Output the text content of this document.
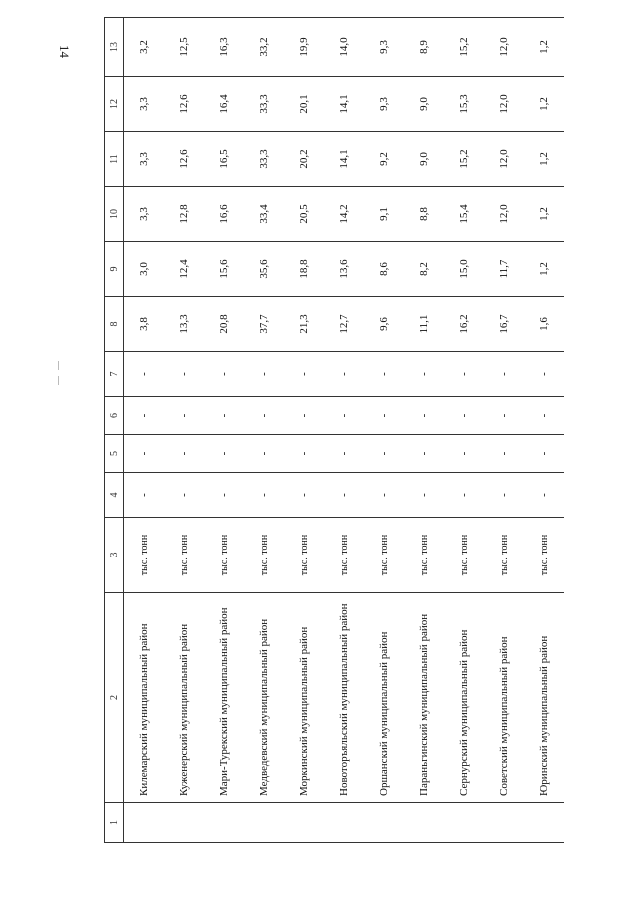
14
1	2	3	4	5	6	7	8	9	10	11	12	13
	Килемарский муниципальный район	тыс. тонн	-	-	-	-	3,8	3,0	3,3	3,3	3,3	3,2
	Куженерский муниципальный район	тыс. тонн	-	-	-	-	13,3	12,4	12,8	12,6	12,6	12,5
	Мари-Турекский муниципальный район	тыс. тонн	-	-	-	-	20,8	15,6	16,6	16,5	16,4	16,3
	Медведевский муниципальный район	тыс. тонн	-	-	-	-	37,7	35,6	33,4	33,3	33,3	33,2
	Моркинский муниципальный район	тыс. тонн	-	-	-	-	21,3	18,8	20,5	20,2	20,1	19,9
	Новоторъяльский муниципальный район	тыс. тонн	-	-	-	-	12,7	13,6	14,2	14,1	14,1	14,0
	Оршанский муниципальный район	тыс. тонн	-	-	-	-	9,6	8,6	9,1	9,2	9,3	9,3
	Параньгинский муниципальный район	тыс. тонн	-	-	-	-	11,1	8,2	8,8	9,0	9,0	8,9
	Сернурский муниципальный район	тыс. тонн	-	-	-	-	16,2	15,0	15,4	15,2	15,3	15,2
	Советский муниципальный район	тыс. тонн	-	-	-	-	16,7	11,7	12,0	12,0	12,0	12,0
	Юринский муниципальный район	тыс. тонн	-	-	-	-	1,6	1,2	1,2	1,2	1,2	1,2
